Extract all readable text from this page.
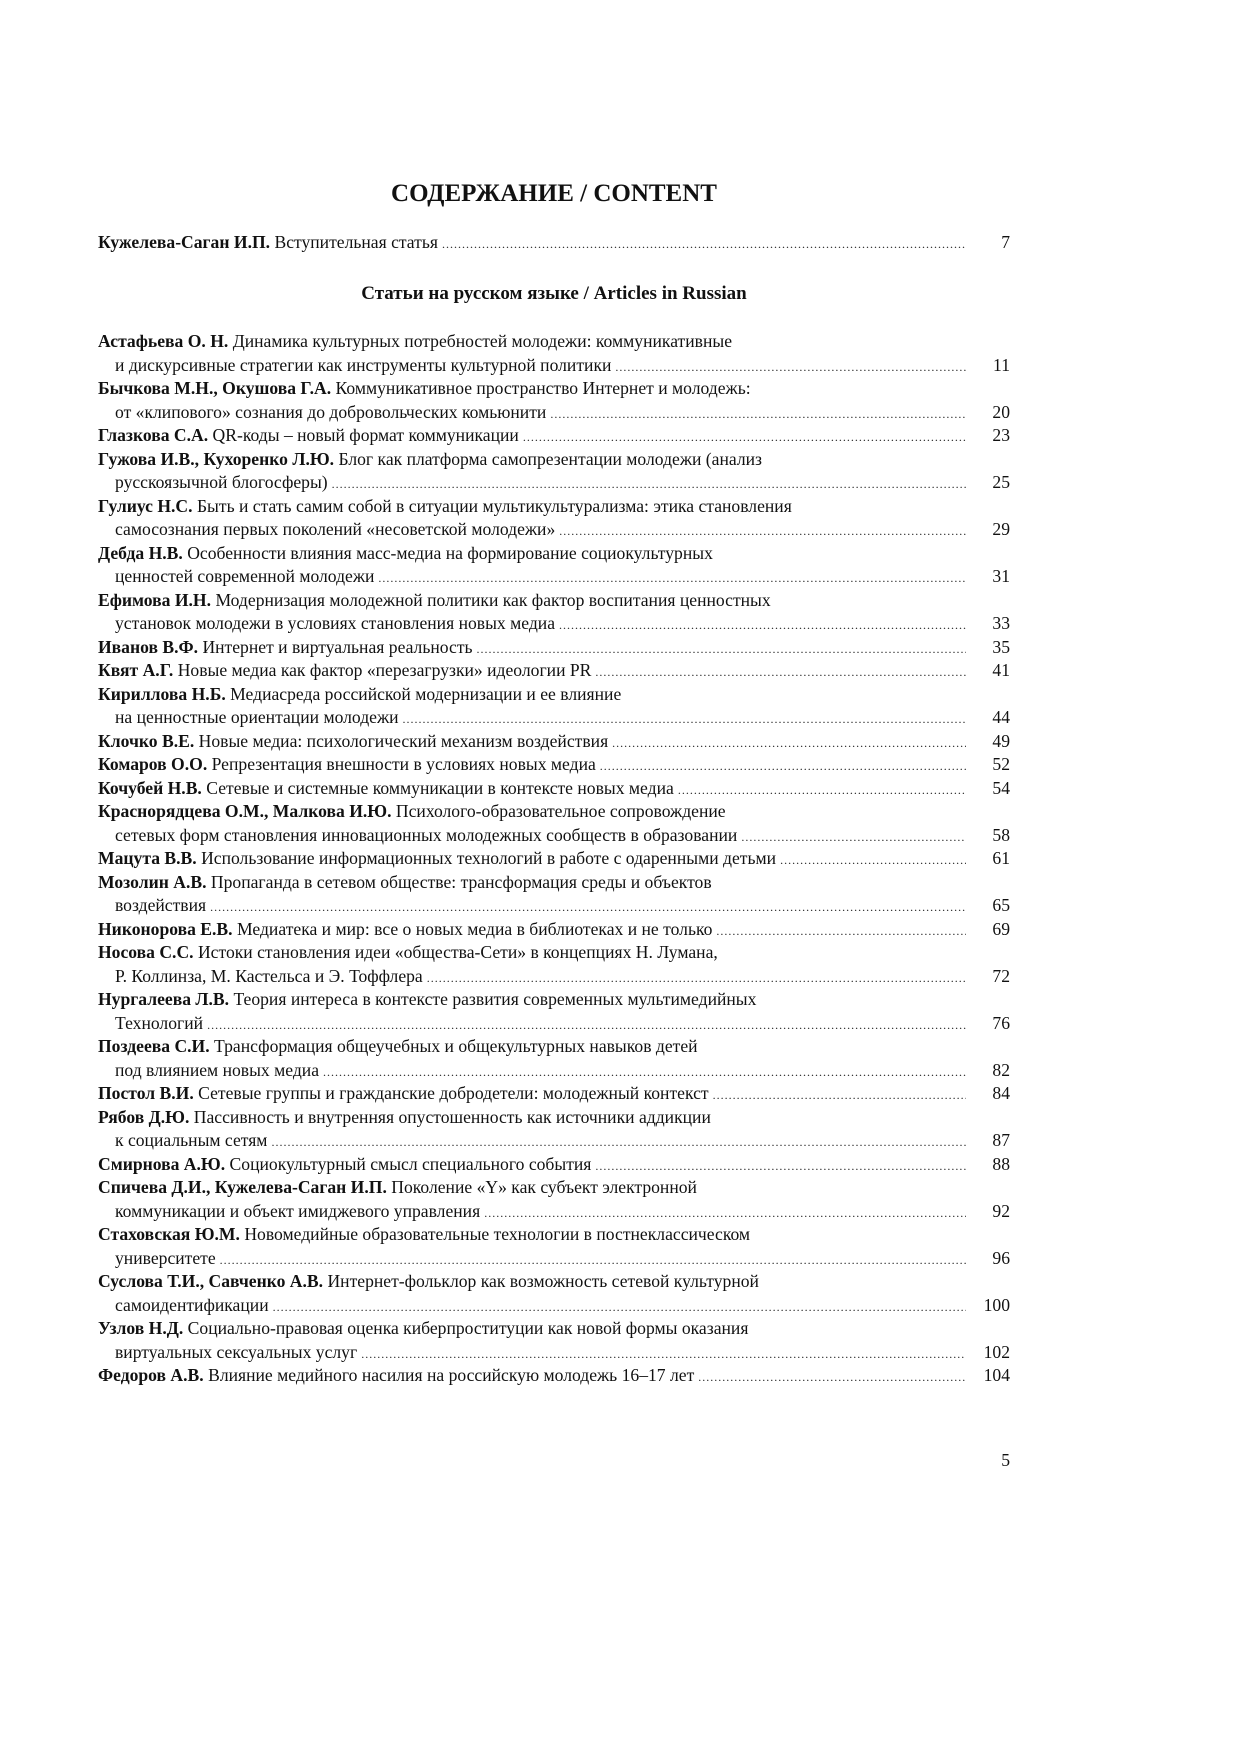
СОДЕРЖАНИЕ / CONTENT
Кужелева-Саган И.П. Вступительная статья .....	7
Статьи на русском языке / Articles in Russian
Астафьева О. Н. Динамика культурных потребностей молодежи: коммуникативные
и дискурсивные стратегии как инструменты культурной политики .....	11
Бычкова М.Н., Окушова Г.А. Коммуникативное пространство Интернет и молодежь:
от «клипового» сознания до добровольческих комьюнити .....	20
Глазкова С.А. QR-коды – новый формат коммуникации .....	23
Гужова И.В., Кухоренко Л.Ю. Блог как платформа самопрезентации молодежи (анализ
русскоязычной блогосферы) .....	25
Гулиус Н.С. Быть и стать самим собой в ситуации мультикультурализма: этика становления
самосознания первых поколений «несоветской молодежи» .....	29
Дебда Н.В. Особенности влияния масс-медиа на формирование социокультурных
ценностей современной молодежи .....	31
Ефимова И.Н. Модернизация молодежной политики как фактор воспитания ценностных
установок молодежи в условиях становления новых медиа .....	33
Иванов В.Ф. Интернет и виртуальная реальность .....	35
Квят А.Г. Новые медиа как фактор «перезагрузки» идеологии PR .....	41
Кириллова Н.Б. Медиасреда российской модернизации и ее влияние
на ценностные ориентации молодежи .....	44
Клочко В.Е. Новые медиа: психологический механизм воздействия .....	49
Комаров О.О. Репрезентация внешности в условиях новых медиа .....	52
Кочубей Н.В. Сетевые и системные коммуникации в контексте новых медиа .....	54
Краснорядцева О.М., Малкова И.Ю. Психолого-образовательное сопровождение
сетевых форм становления инновационных молодежных сообществ в образовании .....	58
Мацута В.В. Использование информационных технологий в работе с одаренными детьми .....	61
Мозолин А.В. Пропаганда в сетевом обществе: трансформация среды и объектов
воздействия .....	65
Никонорова Е.В. Медиатека и мир: все о новых медиа в библиотеках и не только .....	69
Носова С.С. Истоки становления идеи «общества-Сети» в концепциях Н. Лумана,
Р. Коллинза, М. Кастельса и Э. Тоффлера .....	72
Нургалеева Л.В. Теория интереса в контексте развития современных мультимедийных
Технологий .....	76
Поздеева С.И. Трансформация общеучебных и общекультурных навыков детей
под влиянием новых медиа .....	82
Постол В.И. Сетевые группы и гражданские добродетели: молодежный контекст .....	84
Рябов Д.Ю. Пассивность и внутренняя опустошенность как источники аддикции
к социальным сетям .....	87
Смирнова А.Ю. Социокультурный смысл специального события .....	88
Спичева Д.И., Кужелева-Саган И.П. Поколение «Y» как субъект электронной
коммуникации и объект имиджевого управления .....	92
Стаховская Ю.М. Новомедийные образовательные технологии в постнеклассическом
университете .....	96
Суслова Т.И., Савченко А.В. Интернет-фольклор как возможность сетевой культурной
самоидентификации .....	100
Узлов Н.Д. Социально-правовая оценка киберпроституции как новой формы оказания
виртуальных сексуальных услуг .....	102
Федоров А.В. Влияние медийного насилия на российскую молодежь 16–17 лет .....	104
5
